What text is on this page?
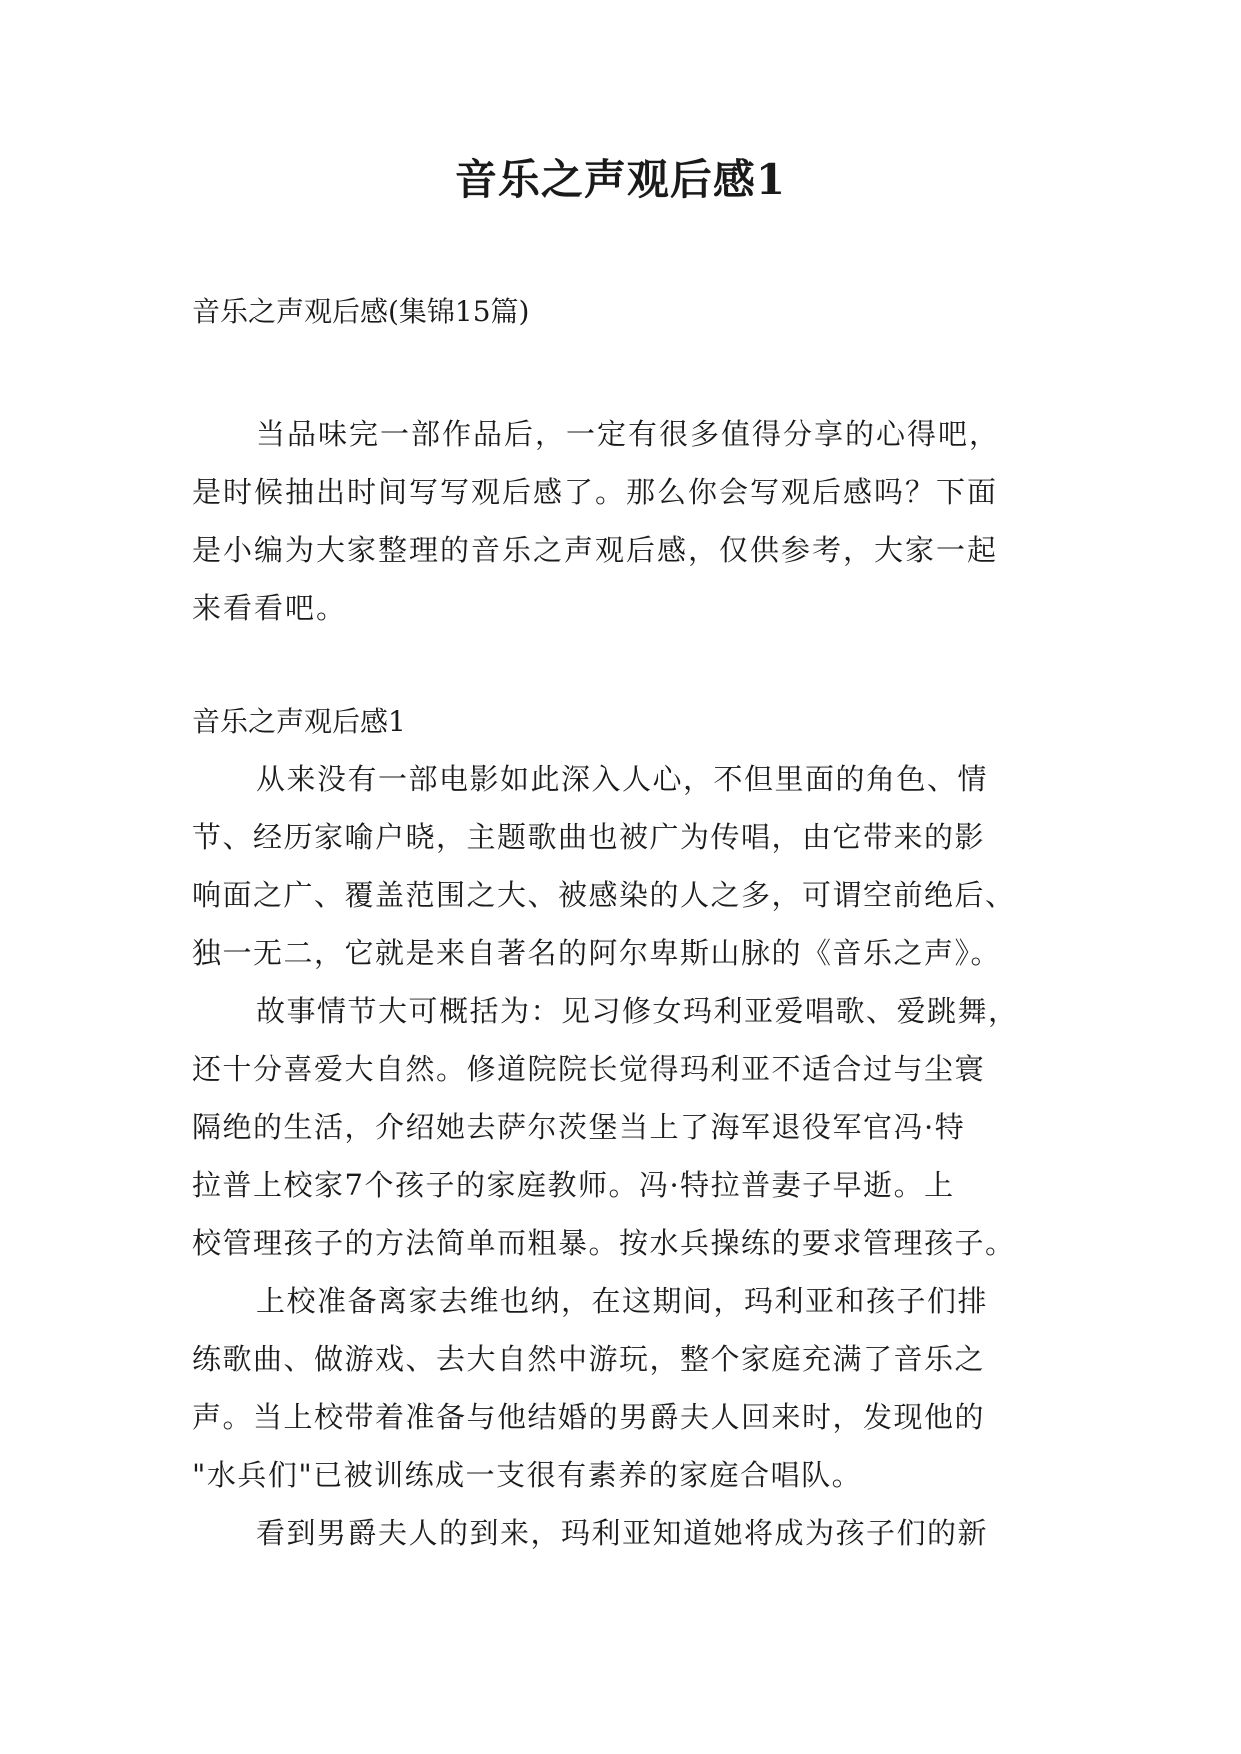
音乐之声观后感1

音乐之声观后感(集锦15篇)

当品味完一部作品后，一定有很多值得分享的心得吧，
是时候抽出时间写写观后感了。那么你会写观后感吗？下面
是小编为大家整理的音乐之声观后感，仅供参考，大家一起
来看看吧。

音乐之声观后感1

从来没有一部电影如此深入人心，不但里面的角色、情
节、经历家喻户晓，主题歌曲也被广为传唱，由它带来的影
响面之广、覆盖范围之大、被感染的人之多，可谓空前绝后、
独一无二，它就是来自著名的阿尔卑斯山脉的《音乐之声》。
故事情节大可概括为：见习修女玛利亚爱唱歌、爱跳舞，
还十分喜爱大自然。修道院院长觉得玛利亚不适合过与尘寰
隔绝的生活，介绍她去萨尔茨堡当上了海军退役军官冯·特
拉普上校家7个孩子的家庭教师。冯·特拉普妻子早逝。上
校管理孩子的方法简单而粗暴。按水兵操练的要求管理孩子。
上校准备离家去维也纳，在这期间，玛利亚和孩子们排
练歌曲、做游戏、去大自然中游玩，整个家庭充满了音乐之
声。当上校带着准备与他结婚的男爵夫人回来时，发现他的
"水兵们"已被训练成一支很有素养的家庭合唱队。
看到男爵夫人的到来，玛利亚知道她将成为孩子们的新
